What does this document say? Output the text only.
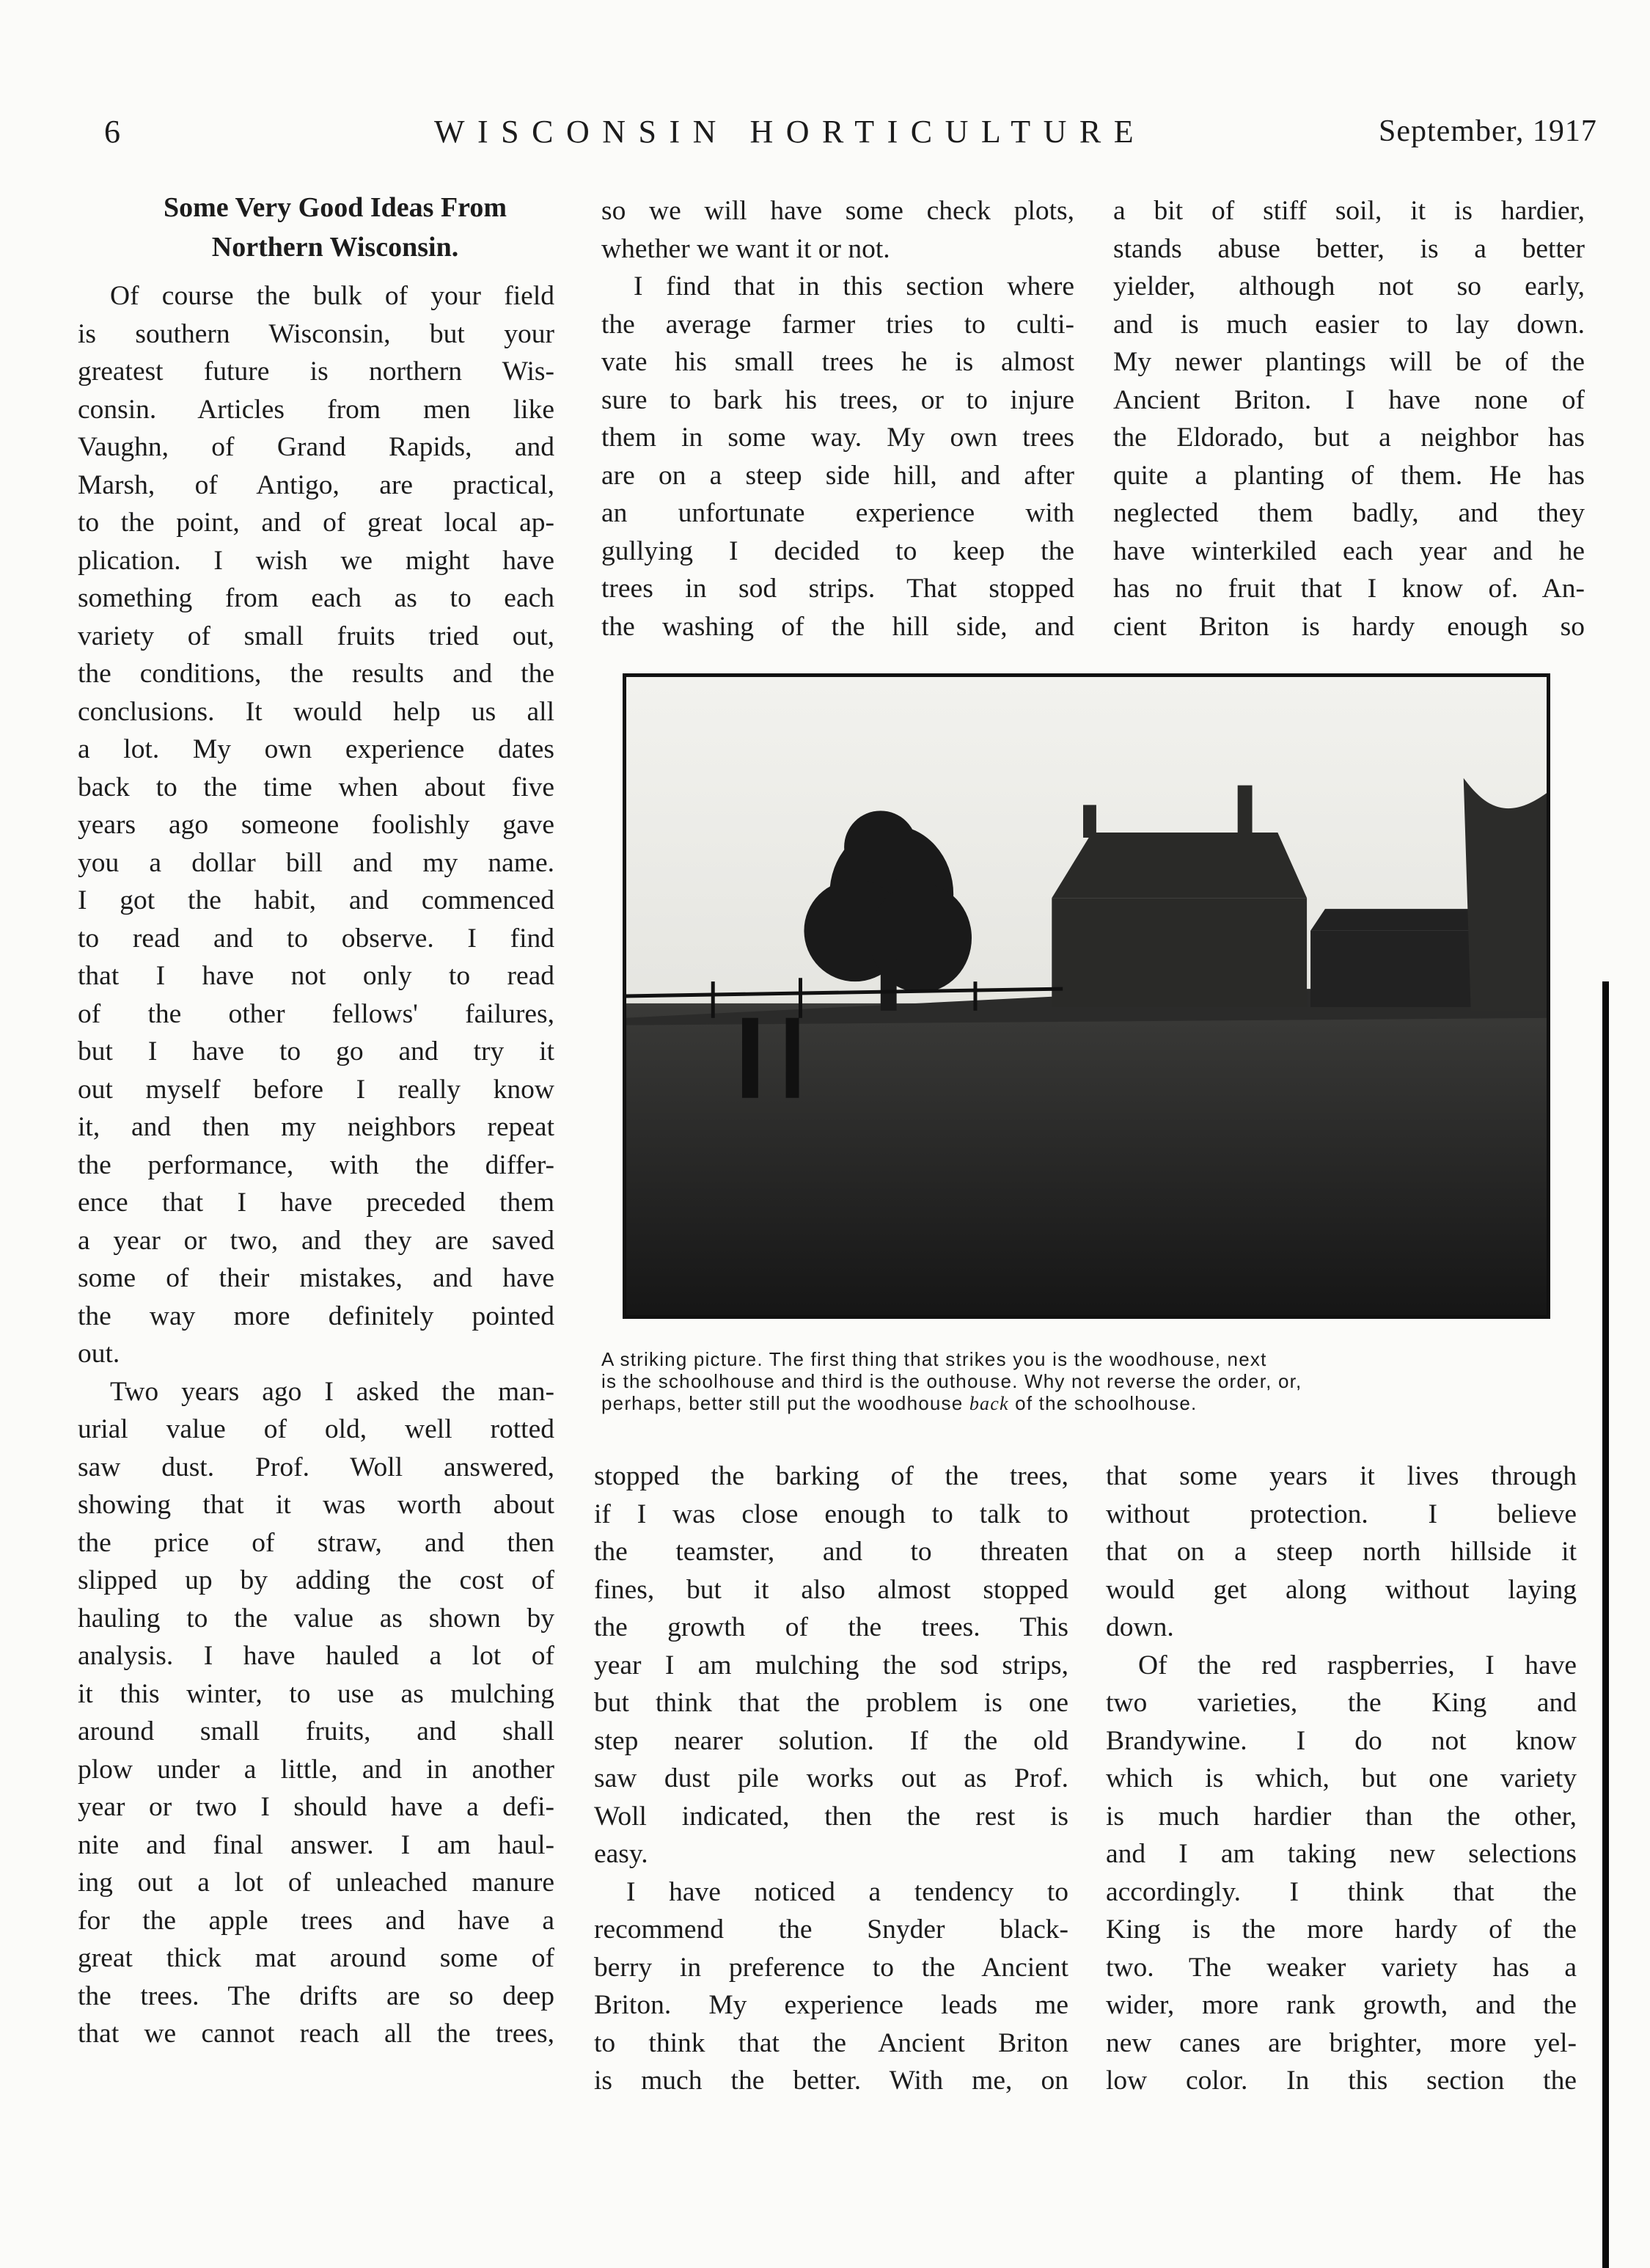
6	WISCONSIN HORTICULTURE	September, 1917
Some Very Good Ideas From
Northern Wisconsin.

Of course the bulk of your field

is southern Wisconsin, but your

greatest future is northern Wis-

consin. Articles from men like

Vaughn, of Grand Rapids, and

Marsh, of Antigo, are practical,

to the point, and of great local ap-

plication. I wish we might have

something from each as to each

variety of small fruits tried out,

the conditions, the results and the

conclusions. It would help us all

a lot. My own experience dates

back to the time when about five

years ago someone foolishly gave

you a dollar bill and my name.

I got the habit, and commenced

to read and to observe. I find

that I have not only to read

of the other fellows' failures,

but I have to go and try it

out myself before I really know

it, and then my neighbors repeat

the performance, with the differ-

ence that I have preceded them

a year or two, and they are saved

some of their mistakes, and have

the way more definitely pointed

out.

Two years ago I asked the man-

urial value of old, well rotted

saw dust. Prof. Woll answered,

showing that it was worth about

the price of straw, and then

slipped up by adding the cost of

hauling to the value as shown by

analysis. I have hauled a lot of

it this winter, to use as mulching

around small fruits, and shall

plow under a little, and in another

year or two I should have a defi-

nite and final answer. I am haul-

ing out a lot of unleached manure

for the apple trees and have a

great thick mat around some of

the trees. The drifts are so deep

that we cannot reach all the trees,

so we will have some check plots,

whether we want it or not.

I find that in this section where

the average farmer tries to culti-

vate his small trees he is almost

sure to bark his trees, or to injure

them in some way. My own trees

are on a steep side hill, and after

an unfortunate experience with

gullying I decided to keep the

trees in sod strips. That stopped

the washing of the hill side, and

a bit of stiff soil, it is hardier,

stands abuse better, is a better

yielder, although not so early,

and is much easier to lay down.

My newer plantings will be of the

Ancient Briton. I have none of

the Eldorado, but a neighbor has

quite a planting of them. He has

neglected them badly, and they

have winterkiled each year and he

has no fruit that I know of. An-

cient Briton is hardy enough so

A striking picture. The first thing that strikes you is the woodhouse, next
is the schoolhouse and third is the outhouse. Why not reverse the order, or,
perhaps, better still put the woodhouse back of the schoolhouse.

stopped the barking of the trees,

if I was close enough to talk to

the teamster, and to threaten

fines, but it also almost stopped

the growth of the trees. This

year I am mulching the sod strips,

but think that the problem is one

step nearer solution. If the old

saw dust pile works out as Prof.

Woll indicated, then the rest is

easy.

I have noticed a tendency to

recommend the Snyder black-

berry in preference to the Ancient

Briton. My experience leads me

to think that the Ancient Briton

is much the better. With me, on

that some years it lives through

without protection. I believe

that on a steep north hillside it

would get along without laying

down.

Of the red raspberries, I have

two varieties, the King and

Brandywine. I do not know

which is which, but one variety

is much hardier than the other,

and I am taking new selections

accordingly. I think that the

King is the more hardy of the

two. The weaker variety has a

wider, more rank growth, and the

new canes are brighter, more yel-

low color. In this section the
